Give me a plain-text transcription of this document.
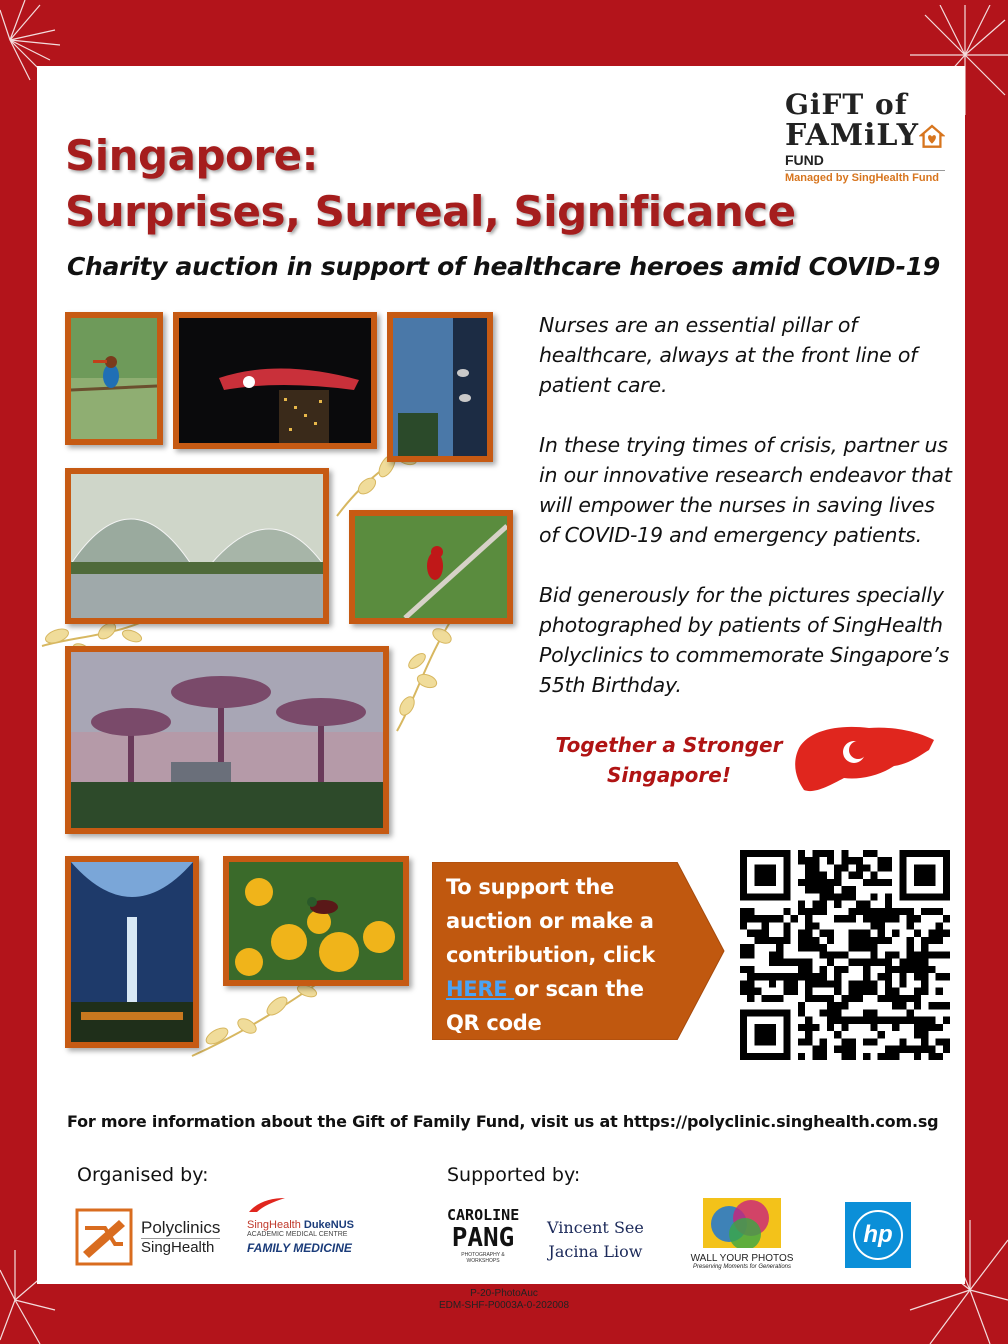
Singapore:
Surprises, Surreal, Significance
Charity auction in support of healthcare heroes amid COVID-19
GiFT of
FAMiLY
FUND
Managed by SingHealth Fund

Nurses are an essential pillar of healthcare, always at the front line of patient care.

In these trying times of crisis, partner us in our innovative research endeavor that will empower the nurses in saving lives of COVID-19 and emergency patients.

Bid generously for the pictures specially photographed by patients of SingHealth Polyclinics to commemorate Singapore’s 55th Birthday.

Together a Stronger
Singapore!
To support the auction or make a contribution, click HERE or scan the QR code
For more information about the Gift of Family Fund, visit us at https://polyclinic.singhealth.com.sg
Organised by:
Polyclinics
SingHealth
SingHealth DukeNUS
ACADEMIC MEDICAL CENTRE
FAMILY MEDICINE
Supported by:
CAROLINE
PANG
PHOTOGRAPHY & WORKSHOPS
Vincent See
Jacina Liow	WALL YOUR PHOTOS
Preserving Moments for Generations
hp
P-20-PhotoAuc
EDM-SHF-P0003A-0-202008
